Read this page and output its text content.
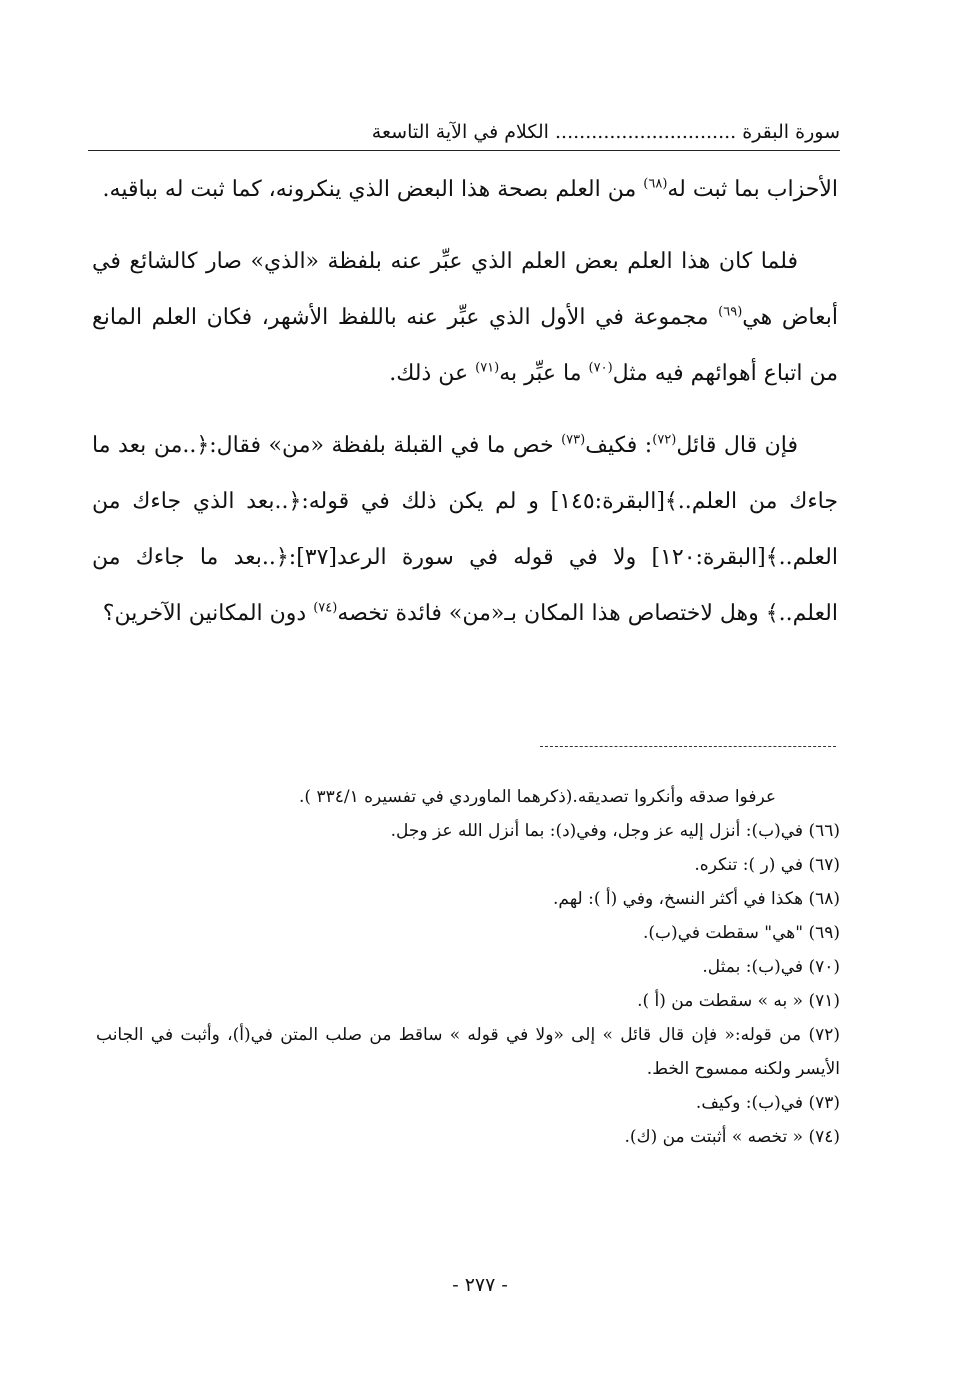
سورة البقرة .............................. الكلام في الآية التاسعة

الأحزاب بما ثبت له$^{(٦٨)}$ من العلم بصحة هذا البعض الذي ينكرونه، كما ثبت له بباقيه.

فلما كان هذا العلم بعض العلم الذي عبِّر عنه بلفظة «الذي» صار كالشائع في أبعاض هي$^{(٦٩)}$ مجموعة في الأول الذي عبِّر عنه باللفظ الأشهر، فكان العلم المانع من اتباع أهوائهم فيه مثل$^{(٧٠)}$ ما عبِّر به$^{(٧١)}$ عن ذلك.

فإن قال قائل$^{(٧٢)}$: فكيف$^{(٧٣)}$ خص ما في القبلة بلفظة «من» فقال:﴿..من بعد ما جاءك من العلم..﴾[البقرة:١٤٥] و لم يكن ذلك في قوله:﴿..بعد الذي جاءك من العلم..﴾[البقرة:١٢٠] ولا في قوله في سورة الرعد[٣٧]:﴿..بعد ما جاءك من العلم..﴾ وهل لاختصاص هذا المكان بـ«من» فائدة تخصه$^{(٧٤)}$ دون المكانين الآخرين؟

عرفوا صدقه وأنكروا تصديقه.(ذكرهما الماوردي في تفسيره ٣٣٤/١ ).

(٦٦) في(ب): أنزل إليه عز وجل، وفي(د): بما أنزل الله عز وجل.

(٦٧) في (ر ): تنكره.

(٦٨) هكذا في أكثر النسخ، وفي (أ ): لهم.

(٦٩) "هي" سقطت في(ب).

(٧٠) في(ب): بمثل.

(٧١) « به » سقطت من (أ ).

(٧٢) من قوله:« فإن قال قائل » إلى «ولا في قوله » ساقط من صلب المتن في(أ)، وأثبت في الجانب الأيسر ولكنه ممسوح الخط.

(٧٣) في(ب): وكيف.

(٧٤) « تخصه » أثبتت من (ك).

- ٢٧٧ -
